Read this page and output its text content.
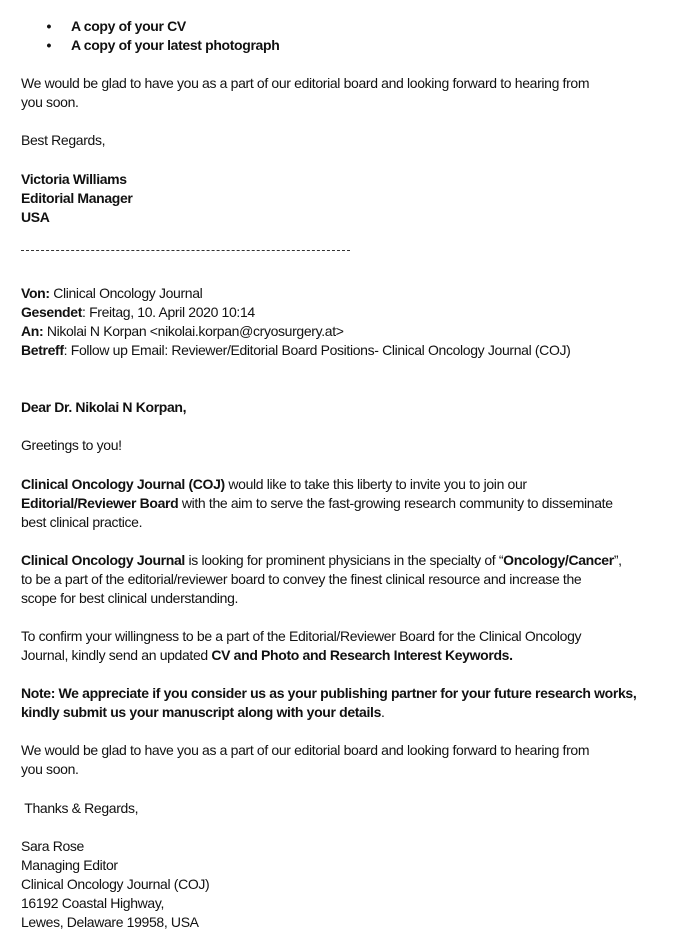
• A copy of your CV
• A copy of your latest photograph
We would be glad to have you as a part of our editorial board and looking forward to hearing from
you soon.
Best Regards,
Victoria Williams
Editorial Manager
USA
Von: Clinical Oncology Journal
Gesendet: Freitag, 10. April 2020 10:14
An: Nikolai N Korpan <nikolai.korpan@cryosurgery.at>
Betreff: Follow up Email: Reviewer/Editorial Board Positions- Clinical Oncology Journal (COJ)
Dear Dr. Nikolai N Korpan,
Greetings to you!
Clinical Oncology Journal (COJ) would like to take this liberty to invite you to join our
Editorial/Reviewer Board with the aim to serve the fast-growing research community to disseminate
best clinical practice.
Clinical Oncology Journal is looking for prominent physicians in the specialty of “Oncology/Cancer”,
to be a part of the editorial/reviewer board to convey the finest clinical resource and increase the
scope for best clinical understanding.
To confirm your willingness to be a part of the Editorial/Reviewer Board for the Clinical Oncology
Journal, kindly send an updated CV and Photo and Research Interest Keywords.
Note: We appreciate if you consider us as your publishing partner for your future research works,
kindly submit us your manuscript along with your details.
We would be glad to have you as a part of our editorial board and looking forward to hearing from
you soon.
Thanks & Regards,
Sara Rose
Managing Editor
Clinical Oncology Journal (COJ)
16192 Coastal Highway,
Lewes, Delaware 19958, USA
